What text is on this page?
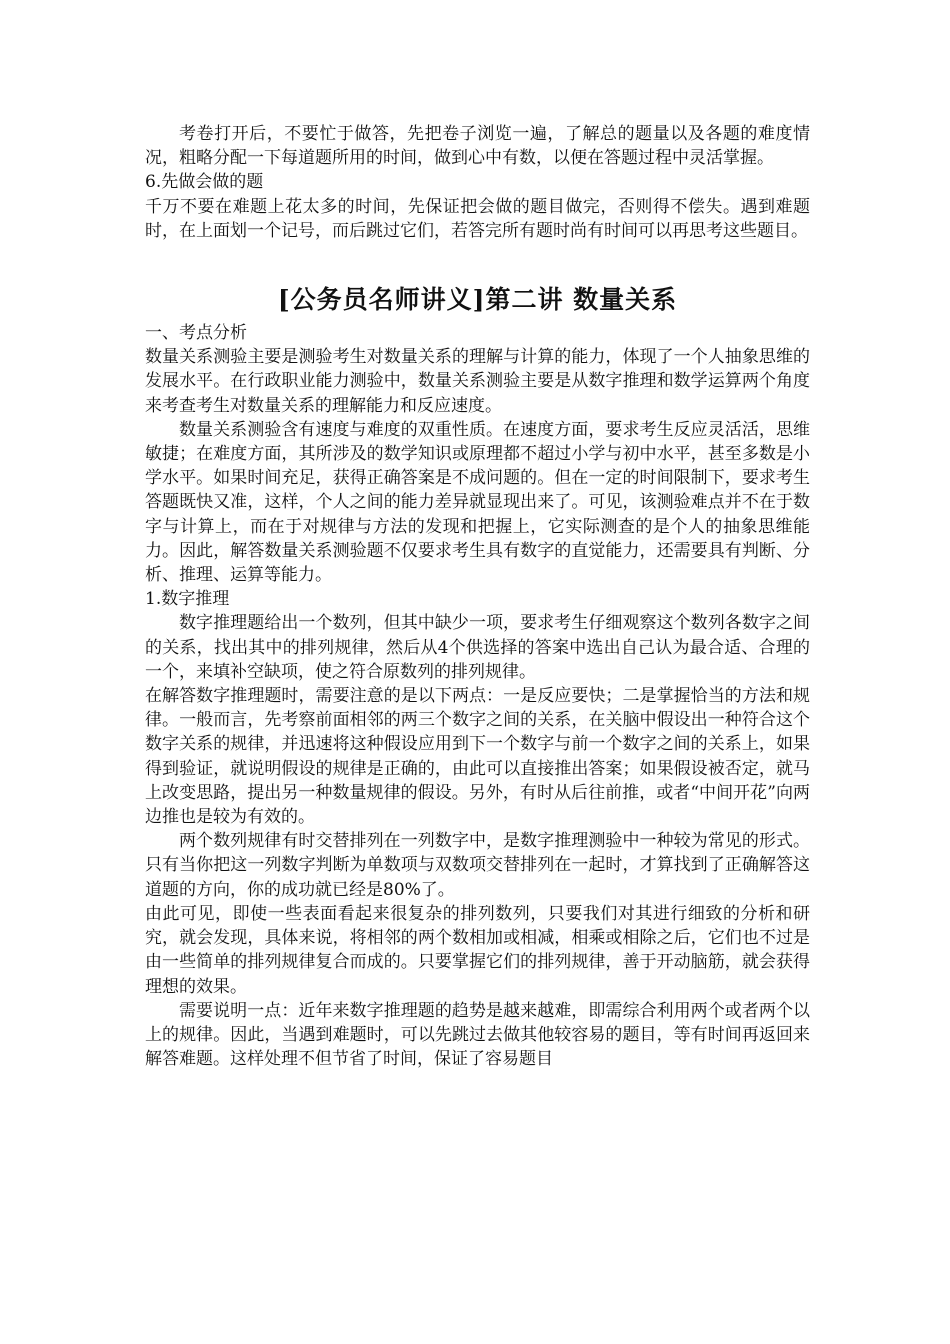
考卷打开后，不要忙于做答，先把卷子浏览一遍，了解总的题量以及各题的难度情况，粗略分配一下每道题所用的时间，做到心中有数，以便在答题过程中灵活掌握。

6.先做会做的题

千万不要在难题上花太多的时间，先保证把会做的题目做完，否则得不偿失。遇到难题时，在上面划一个记号，而后跳过它们，若答完所有题时尚有时间可以再思考这些题目。

[公务员名师讲义]第二讲 数量关系

一、考点分析

数量关系测验主要是测验考生对数量关系的理解与计算的能力，体现了一个人抽象思维的发展水平。在行政职业能力测验中，数量关系测验主要是从数字推理和数学运算两个角度来考查考生对数量关系的理解能力和反应速度。

数量关系测验含有速度与难度的双重性质。在速度方面，要求考生反应灵活活，思维敏捷；在难度方面，其所涉及的数学知识或原理都不超过小学与初中水平，甚至多数是小学水平。如果时间充足，获得正确答案是不成问题的。但在一定的时间限制下，要求考生答题既快又准，这样，个人之间的能力差异就显现出来了。可见，该测验难点并不在于数字与计算上，而在于对规律与方法的发现和把握上，它实际测查的是个人的抽象思维能力。因此，解答数量关系测验题不仅要求考生具有数字的直觉能力，还需要具有判断、分析、推理、运算等能力。

1.数字推理

数字推理题给出一个数列，但其中缺少一项，要求考生仔细观察这个数列各数字之间的关系，找出其中的排列规律，然后从4个供选择的答案中选出自己认为最合适、合理的一个，来填补空缺项，使之符合原数列的排列规律。

在解答数字推理题时，需要注意的是以下两点：一是反应要快；二是掌握恰当的方法和规律。一般而言，先考察前面相邻的两三个数字之间的关系，在关脑中假设出一种符合这个数字关系的规律，并迅速将这种假设应用到下一个数字与前一个数字之间的关系上，如果得到验证，就说明假设的规律是正确的，由此可以直接推出答案；如果假设被否定，就马上改变思路，提出另一种数量规律的假设。另外，有时从后往前推，或者“中间开花”向两边推也是较为有效的。

两个数列规律有时交替排列在一列数字中，是数字推理测验中一种较为常见的形式。只有当你把这一列数字判断为单数项与双数项交替排列在一起时，才算找到了正确解答这道题的方向，你的成功就已经是80%了。

由此可见，即使一些表面看起来很复杂的排列数列，只要我们对其进行细致的分析和研究，就会发现，具体来说，将相邻的两个数相加或相减，相乘或相除之后，它们也不过是由一些简单的排列规律复合而成的。只要掌握它们的排列规律，善于开动脑筋，就会获得理想的效果。

需要说明一点：近年来数字推理题的趋势是越来越难，即需综合利用两个或者两个以上的规律。因此，当遇到难题时，可以先跳过去做其他较容易的题目，等有时间再返回来解答难题。这样处理不但节省了时间，保证了容易题目
